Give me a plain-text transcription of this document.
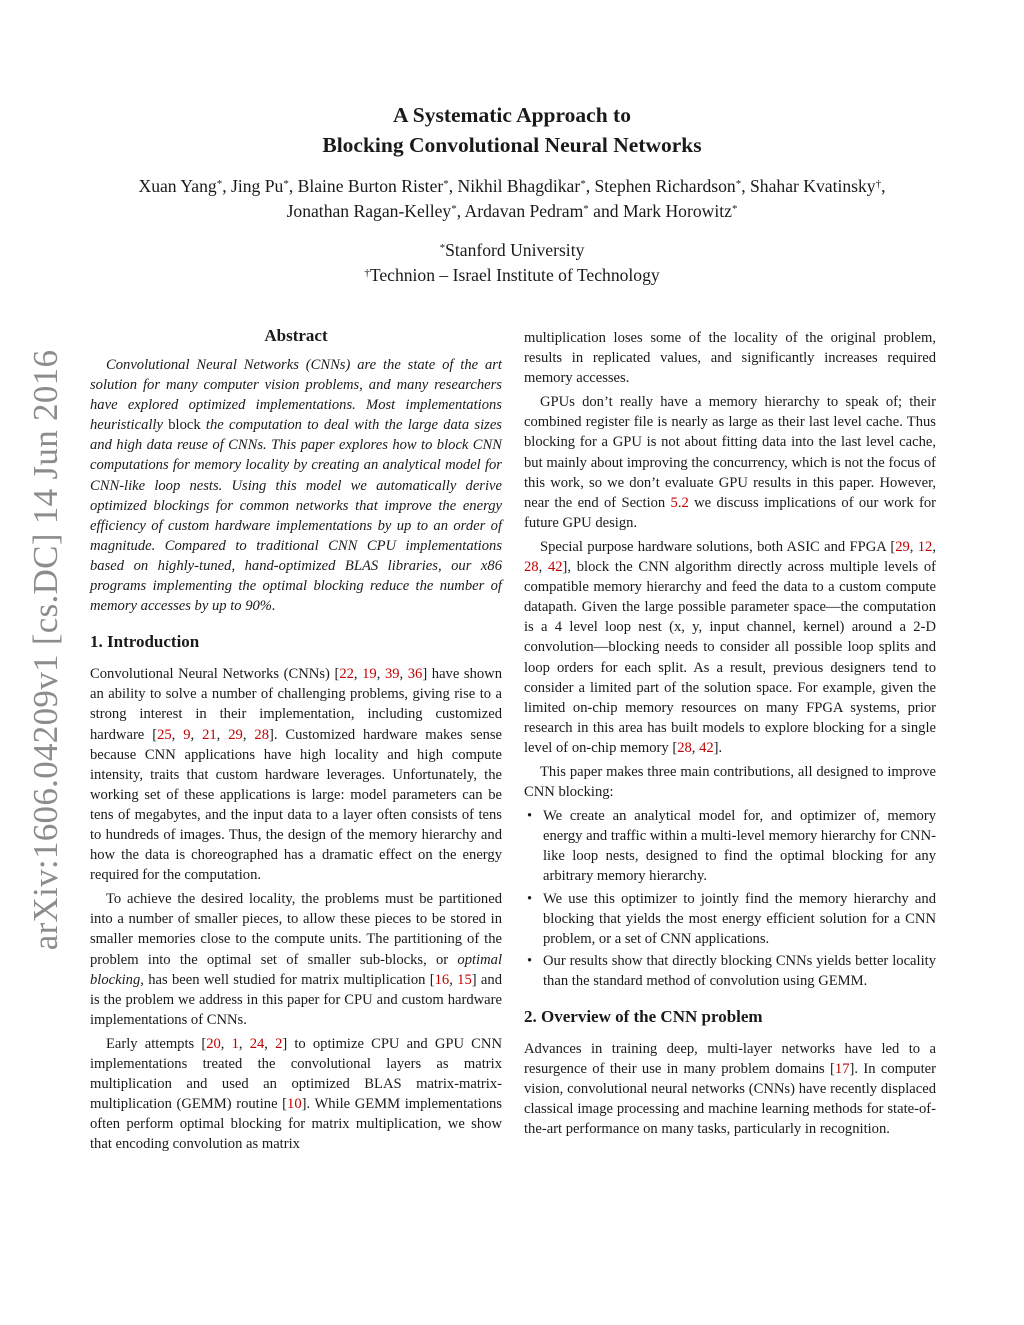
arXiv:1606.04209v1 [cs.DC] 14 Jun 2016
A Systematic Approach to
Blocking Convolutional Neural Networks
Xuan Yang*, Jing Pu*, Blaine Burton Rister*, Nikhil Bhagdikar*, Stephen Richardson*, Shahar Kvatinsky†,
Jonathan Ragan-Kelley*, Ardavan Pedram* and Mark Horowitz*
*Stanford University
†Technion – Israel Institute of Technology
Abstract

Convolutional Neural Networks (CNNs) are the state of the art solution for many computer vision problems, and many researchers have explored optimized implementations. Most implementations heuristically block the computation to deal with the large data sizes and high data reuse of CNNs. This paper explores how to block CNN computations for memory locality by creating an analytical model for CNN-like loop nests. Using this model we automatically derive optimized blockings for common networks that improve the energy efficiency of custom hardware implementations by up to an order of magnitude. Compared to traditional CNN CPU implementations based on highly-tuned, hand-optimized BLAS libraries, our x86 programs implementing the optimal blocking reduce the number of memory accesses by up to 90%.

1. Introduction

Convolutional Neural Networks (CNNs) [22, 19, 39, 36] have shown an ability to solve a number of challenging problems, giving rise to a strong interest in their implementation, including customized hardware [25, 9, 21, 29, 28]. Customized hardware makes sense because CNN applications have high locality and high compute intensity, traits that custom hardware leverages. Unfortunately, the working set of these applications is large: model parameters can be tens of megabytes, and the input data to a layer often consists of tens to hundreds of images. Thus, the design of the memory hierarchy and how the data is choreographed has a dramatic effect on the energy required for the computation.

To achieve the desired locality, the problems must be partitioned into a number of smaller pieces, to allow these pieces to be stored in smaller memories close to the compute units. The partitioning of the problem into the optimal set of smaller sub-blocks, or optimal blocking, has been well studied for matrix multiplication [16, 15] and is the problem we address in this paper for CPU and custom hardware implementations of CNNs.

Early attempts [20, 1, 24, 2] to optimize CPU and GPU CNN implementations treated the convolutional layers as matrix multiplication and used an optimized BLAS matrix-matrix-multiplication (GEMM) routine [10]. While GEMM implementations often perform optimal blocking for matrix multiplication, we show that encoding convolution as matrix

multiplication loses some of the locality of the original problem, results in replicated values, and significantly increases required memory accesses.

GPUs don’t really have a memory hierarchy to speak of; their combined register file is nearly as large as their last level cache. Thus blocking for a GPU is not about fitting data into the last level cache, but mainly about improving the concurrency, which is not the focus of this work, so we don’t evaluate GPU results in this paper. However, near the end of Section 5.2 we discuss implications of our work for future GPU design.

Special purpose hardware solutions, both ASIC and FPGA [29, 12, 28, 42], block the CNN algorithm directly across multiple levels of compatible memory hierarchy and feed the data to a custom compute datapath. Given the large possible parameter space—the computation is a 4 level loop nest (x, y, input channel, kernel) around a 2-D convolution—blocking needs to consider all possible loop splits and loop orders for each split. As a result, previous designers tend to consider a limited part of the solution space. For example, given the limited on-chip memory resources on many FPGA systems, prior research in this area has built models to explore blocking for a single level of on-chip memory [28, 42].

This paper makes three main contributions, all designed to improve CNN blocking:

• We create an analytical model for, and optimizer of, memory energy and traffic within a multi-level memory hierarchy for CNN-like loop nests, designed to find the optimal blocking for any arbitrary memory hierarchy.
• We use this optimizer to jointly find the memory hierarchy and blocking that yields the most energy efficient solution for a CNN problem, or a set of CNN applications.
• Our results show that directly blocking CNNs yields better locality than the standard method of convolution using GEMM.
2. Overview of the CNN problem

Advances in training deep, multi-layer networks have led to a resurgence of their use in many problem domains [17]. In computer vision, convolutional neural networks (CNNs) have recently displaced classical image processing and machine learning methods for state-of-the-art performance on many tasks, particularly in recognition.
